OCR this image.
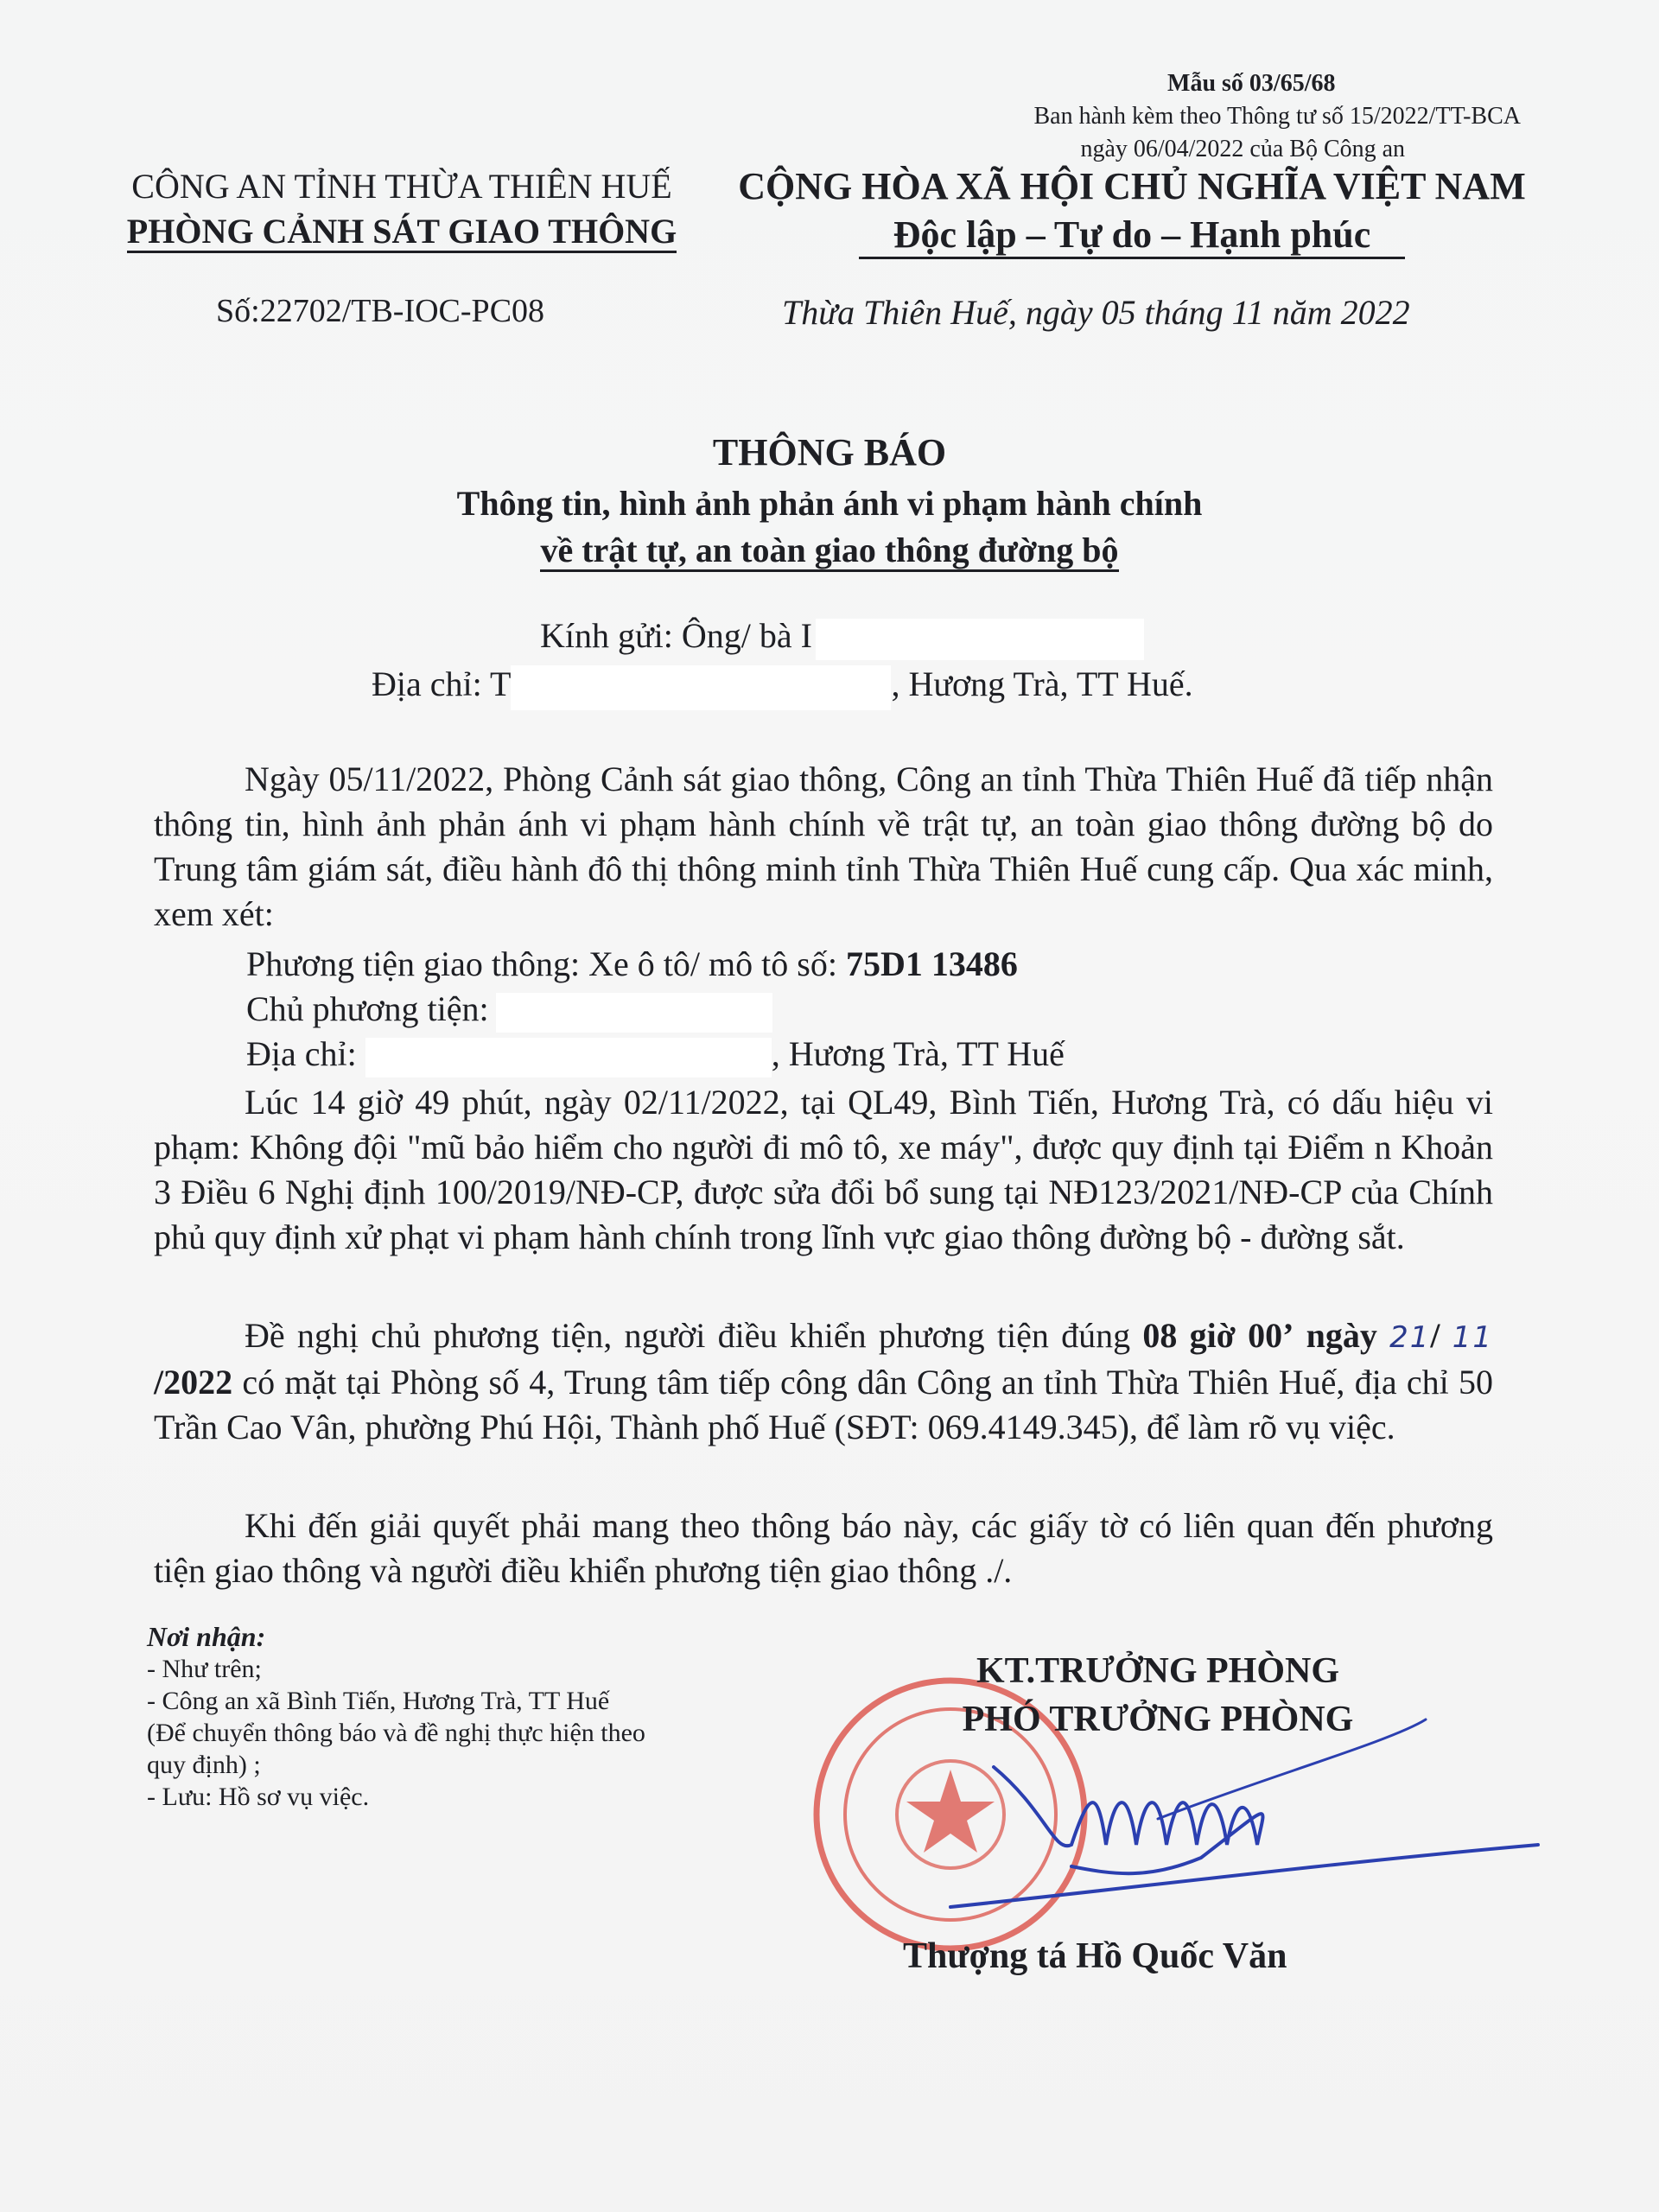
Mẫu số 03/65/68
Ban hành kèm theo Thông tư số 15/2022/TT-BCA
ngày 06/04/2022 của Bộ Công an
CÔNG AN TỈNH THỪA THIÊN HUẾ
PHÒNG CẢNH SÁT GIAO THÔNG
CỘNG HÒA XÃ HỘI CHỦ NGHĨA VIỆT NAM
Độc lập – Tự do – Hạnh phúc
Số:22702/TB-IOC-PC08	Thừa Thiên Huế, ngày 05 tháng 11 năm 2022
THÔNG BÁO
Thông tin, hình ảnh phản ánh vi phạm hành chính
về trật tự, an toàn giao thông đường bộ
Kính gửi: Ông/ bà I
Địa chỉ: T	, Hương Trà, TT Huế.
Ngày 05/11/2022, Phòng Cảnh sát giao thông, Công an tỉnh Thừa Thiên Huế đã tiếp nhận thông tin, hình ảnh phản ánh vi phạm hành chính về trật tự, an toàn giao thông đường bộ do Trung tâm giám sát, điều hành đô thị thông minh tỉnh Thừa Thiên Huế cung cấp. Qua xác minh, xem xét:
Phương tiện giao thông: Xe ô tô/ mô tô số: 75D1 13486
Chủ phương tiện:
Địa chỉ:	, Hương Trà, TT Huế
Lúc 14 giờ 49 phút, ngày 02/11/2022, tại QL49, Bình Tiến, Hương Trà, có dấu hiệu vi phạm: Không đội "mũ bảo hiểm cho người đi mô tô, xe máy", được quy định tại Điểm n Khoản 3 Điều 6 Nghị định 100/2019/NĐ-CP, được sửa đổi bổ sung tại NĐ123/2021/NĐ-CP của Chính phủ quy định xử phạt vi phạm hành chính trong lĩnh vực giao thông đường bộ - đường sắt.
Đề nghị chủ phương tiện, người điều khiển phương tiện đúng 08 giờ 00’ ngày 21/ 11 /2022 có mặt tại Phòng số 4, Trung tâm tiếp công dân Công an tỉnh Thừa Thiên Huế, địa chỉ 50 Trần Cao Vân, phường Phú Hội, Thành phố Huế (SĐT: 069.4149.345), để làm rõ vụ việc.
Khi đến giải quyết phải mang theo thông báo này, các giấy tờ có liên quan đến phương tiện giao thông và người điều khiển phương tiện giao thông ./.
Nơi nhận:
- Như trên;
- Công an xã Bình Tiến, Hương Trà, TT Huế
(Để chuyển thông báo và đề nghị thực hiện theo
quy định) ;
- Lưu: Hồ sơ vụ việc.
KT.TRƯỞNG PHÒNG
PHÓ TRƯỞNG PHÒNG
Thượng tá Hồ Quốc Văn
